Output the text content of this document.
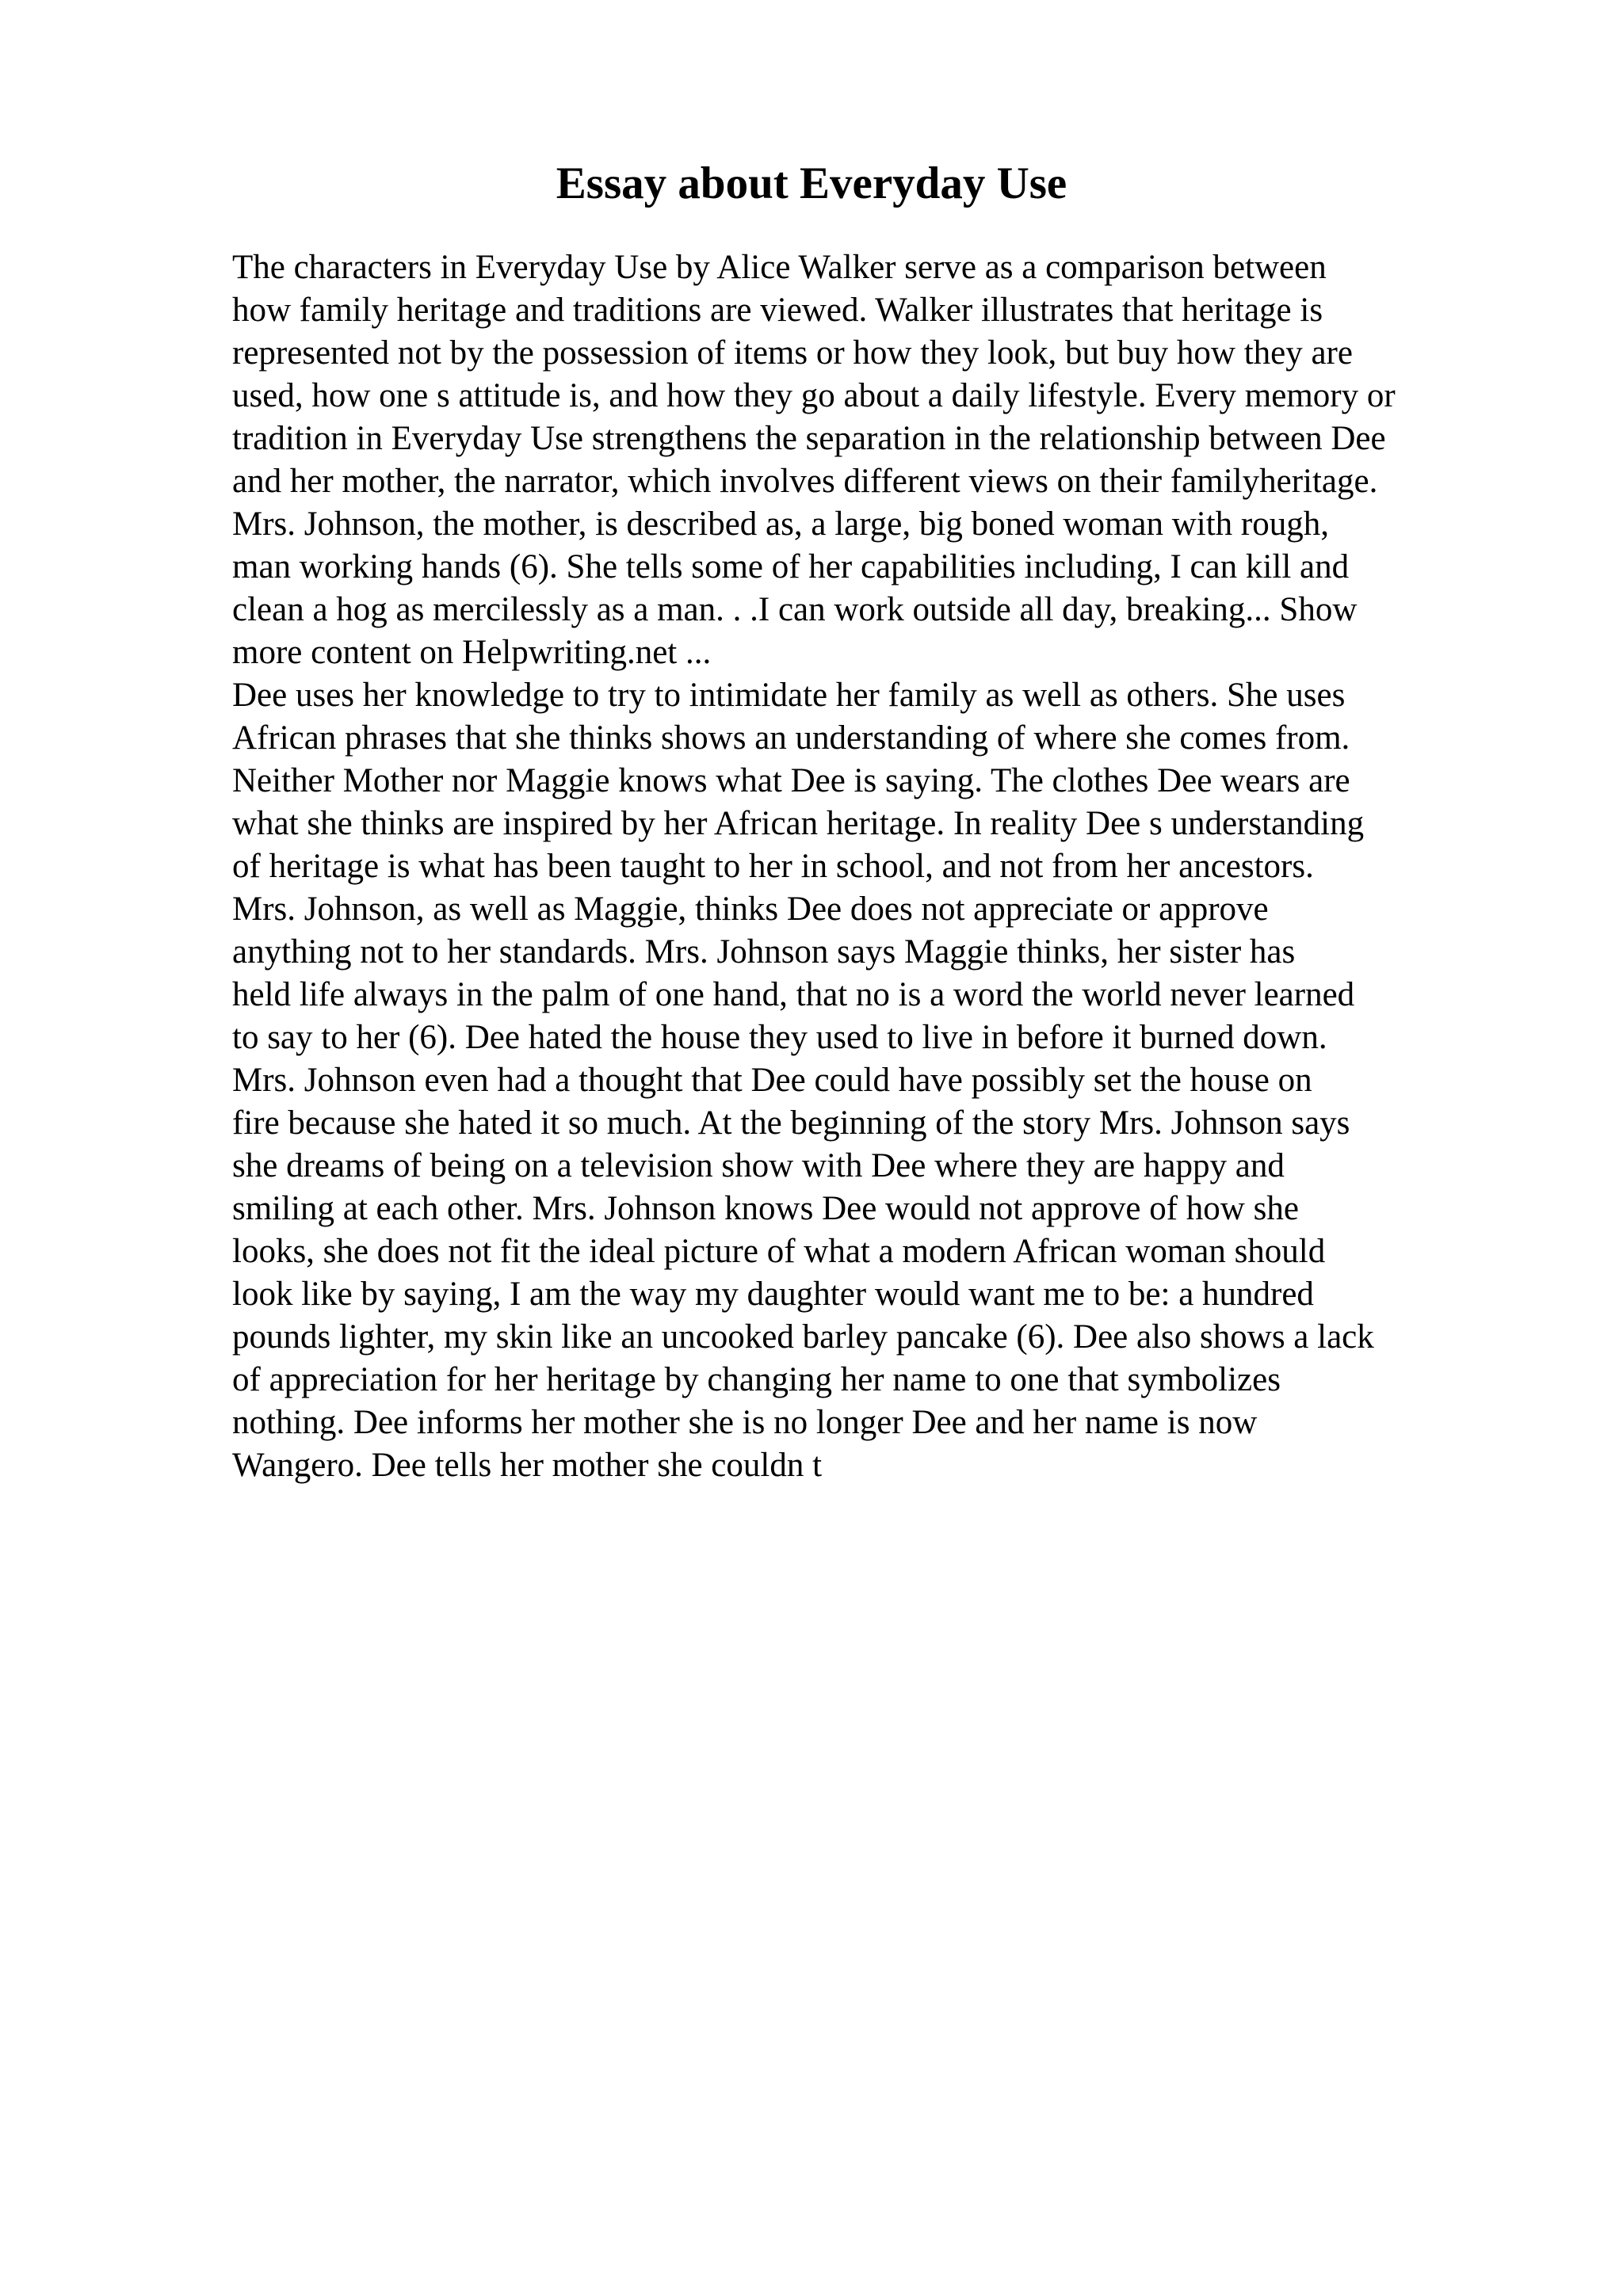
Essay about Everyday Use
The characters in Everyday Use by Alice Walker serve as a comparison between
how family heritage and traditions are viewed. Walker illustrates that heritage is
represented not by the possession of items or how they look, but buy how they are
used, how one s attitude is, and how they go about a daily lifestyle. Every memory or
tradition in Everyday Use strengthens the separation in the relationship between Dee
and her mother, the narrator, which involves different views on their familyheritage.
Mrs. Johnson, the mother, is described as, a large, big boned woman with rough,
man working hands (6). She tells some of her capabilities including, I can kill and
clean a hog as mercilessly as a man. . .I can work outside all day, breaking... Show
more content on Helpwriting.net ...
Dee uses her knowledge to try to intimidate her family as well as others. She uses
African phrases that she thinks shows an understanding of where she comes from.
Neither Mother nor Maggie knows what Dee is saying. The clothes Dee wears are
what she thinks are inspired by her African heritage. In reality Dee s understanding
of heritage is what has been taught to her in school, and not from her ancestors.
Mrs. Johnson, as well as Maggie, thinks Dee does not appreciate or approve
anything not to her standards. Mrs. Johnson says Maggie thinks, her sister has
held life always in the palm of one hand, that no is a word the world never learned
to say to her (6). Dee hated the house they used to live in before it burned down.
Mrs. Johnson even had a thought that Dee could have possibly set the house on
fire because she hated it so much. At the beginning of the story Mrs. Johnson says
she dreams of being on a television show with Dee where they are happy and
smiling at each other. Mrs. Johnson knows Dee would not approve of how she
looks, she does not fit the ideal picture of what a modern African woman should
look like by saying, I am the way my daughter would want me to be: a hundred
pounds lighter, my skin like an uncooked barley pancake (6). Dee also shows a lack
of appreciation for her heritage by changing her name to one that symbolizes
nothing. Dee informs her mother she is no longer Dee and her name is now
Wangero. Dee tells her mother she couldn t
